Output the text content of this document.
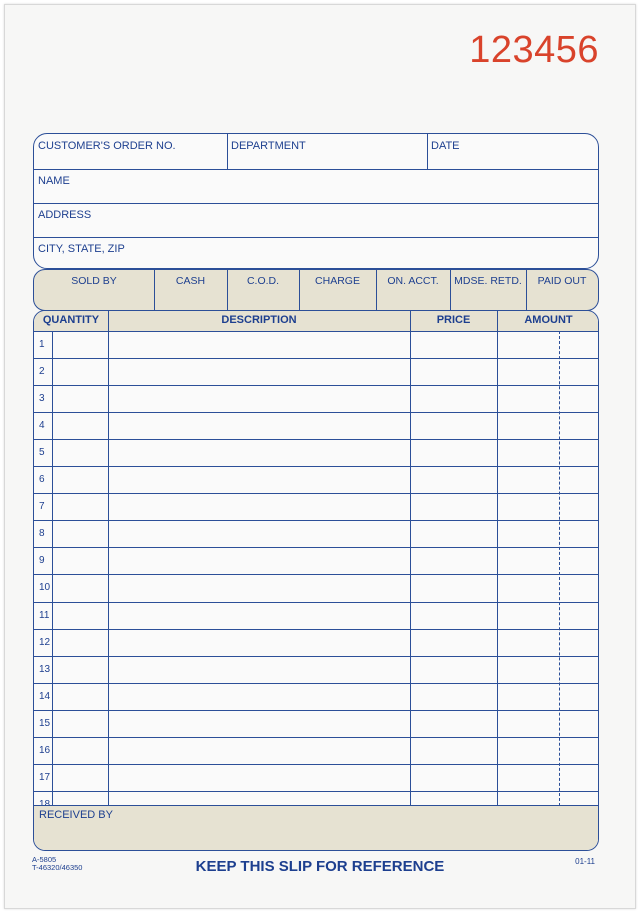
123456
CUSTOMER'S ORDER NO.	DEPARTMENT	DATE
NAME
ADDRESS
CITY, STATE, ZIP
SOLD BY	CASH	C.O.D.	CHARGE	ON. ACCT.	MDSE. RETD.	PAID OUT
QUANTITY	DESCRIPTION	PRICE	AMOUNT
1
2
3
4
5
6
7
8
9
10
11
12
13
14
15
16
17
RECEIVED BY
A-5805
T-46320/46350	KEEP THIS SLIP FOR REFERENCE	01-11
